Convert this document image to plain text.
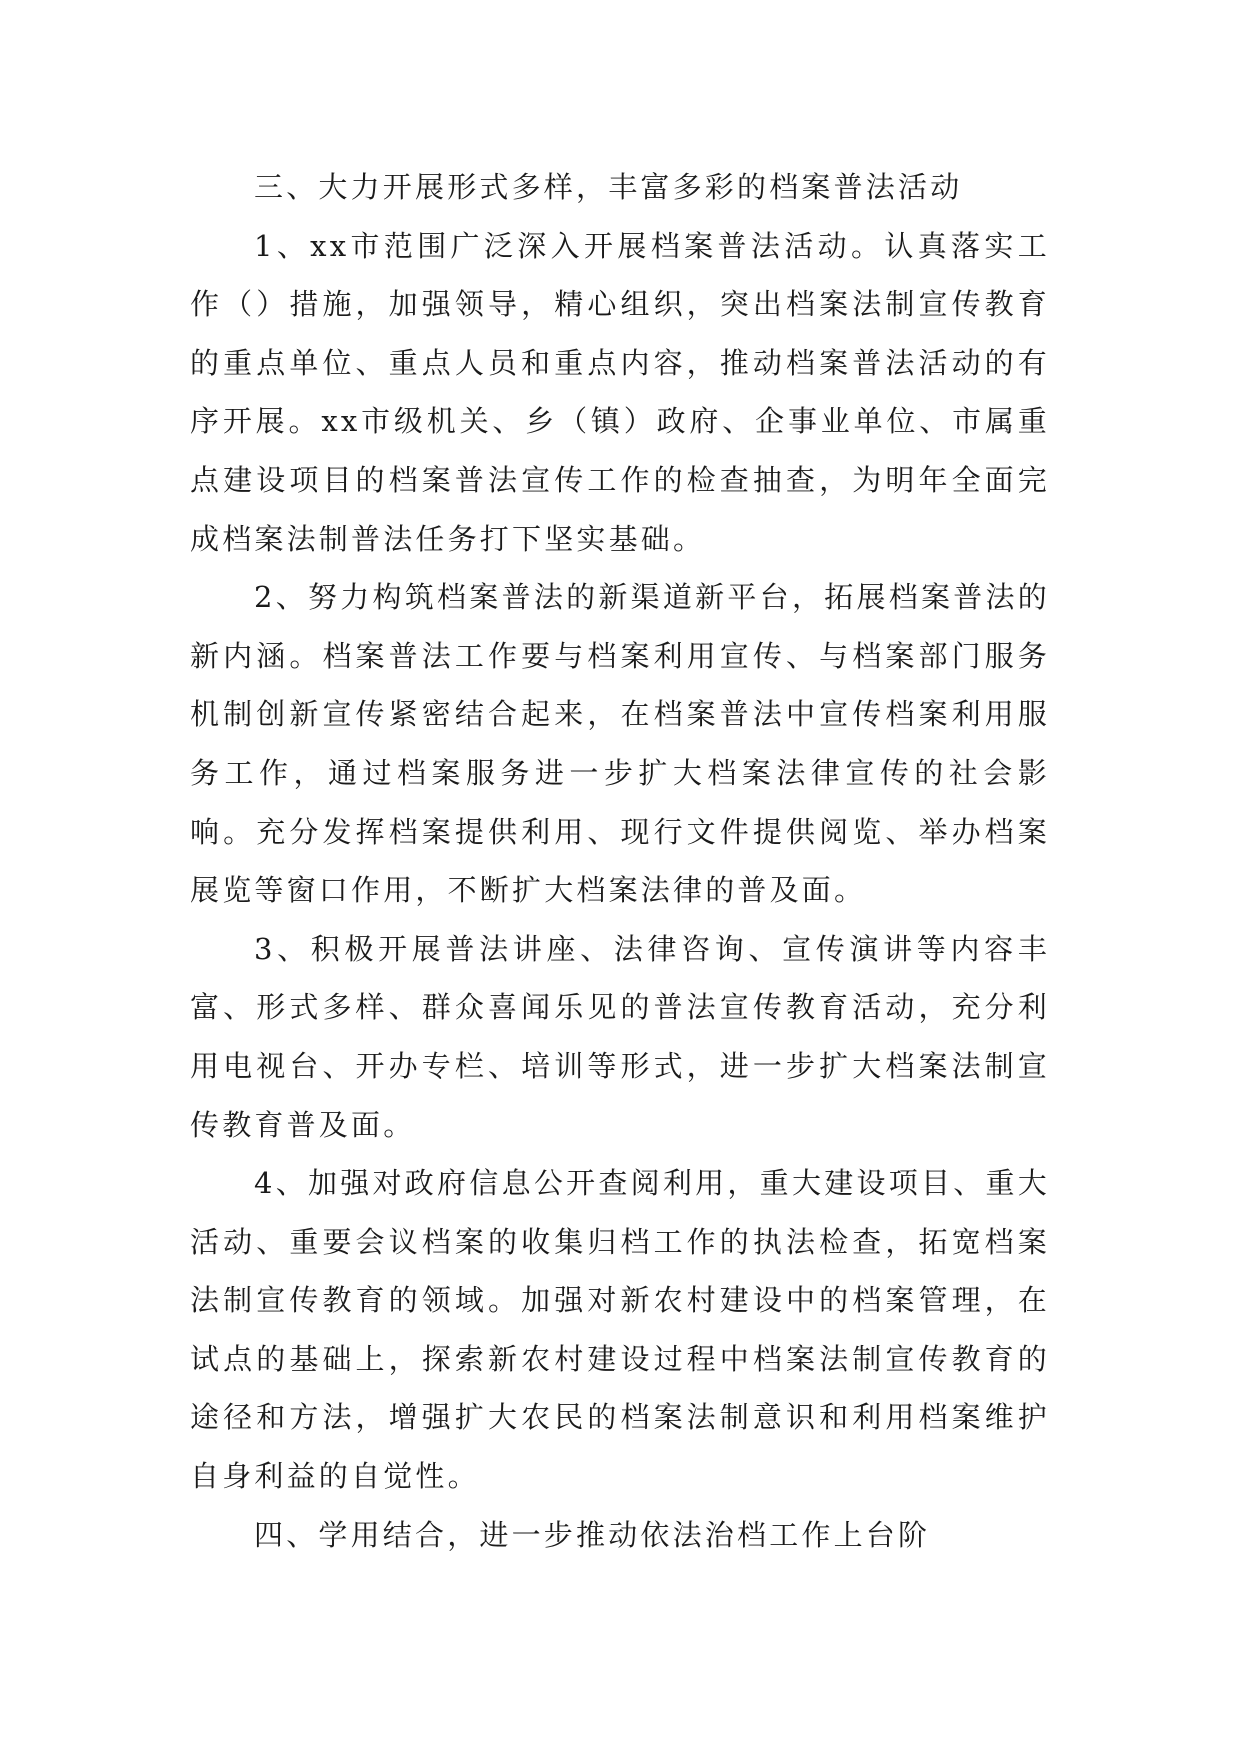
三、大力开展形式多样，丰富多彩的档案普法活动

1、xx市范围广泛深入开展档案普法活动。认真落实工作（）措施，加强领导，精心组织，突出档案法制宣传教育的重点单位、重点人员和重点内容，推动档案普法活动的有序开展。xx市级机关、乡（镇）政府、企事业单位、市属重点建设项目的档案普法宣传工作的检查抽查，为明年全面完成档案法制普法任务打下坚实基础。

2、努力构筑档案普法的新渠道新平台，拓展档案普法的新内涵。档案普法工作要与档案利用宣传、与档案部门服务机制创新宣传紧密结合起来，在档案普法中宣传档案利用服务工作，通过档案服务进一步扩大档案法律宣传的社会影响。充分发挥档案提供利用、现行文件提供阅览、举办档案展览等窗口作用，不断扩大档案法律的普及面。

3、积极开展普法讲座、法律咨询、宣传演讲等内容丰富、形式多样、群众喜闻乐见的普法宣传教育活动，充分利用电视台、开办专栏、培训等形式，进一步扩大档案法制宣传教育普及面。

4、加强对政府信息公开查阅利用，重大建设项目、重大活动、重要会议档案的收集归档工作的执法检查，拓宽档案法制宣传教育的领域。加强对新农村建设中的档案管理，在试点的基础上，探索新农村建设过程中档案法制宣传教育的途径和方法，增强扩大农民的档案法制意识和利用档案维护自身利益的自觉性。

四、学用结合，进一步推动依法治档工作上台阶
